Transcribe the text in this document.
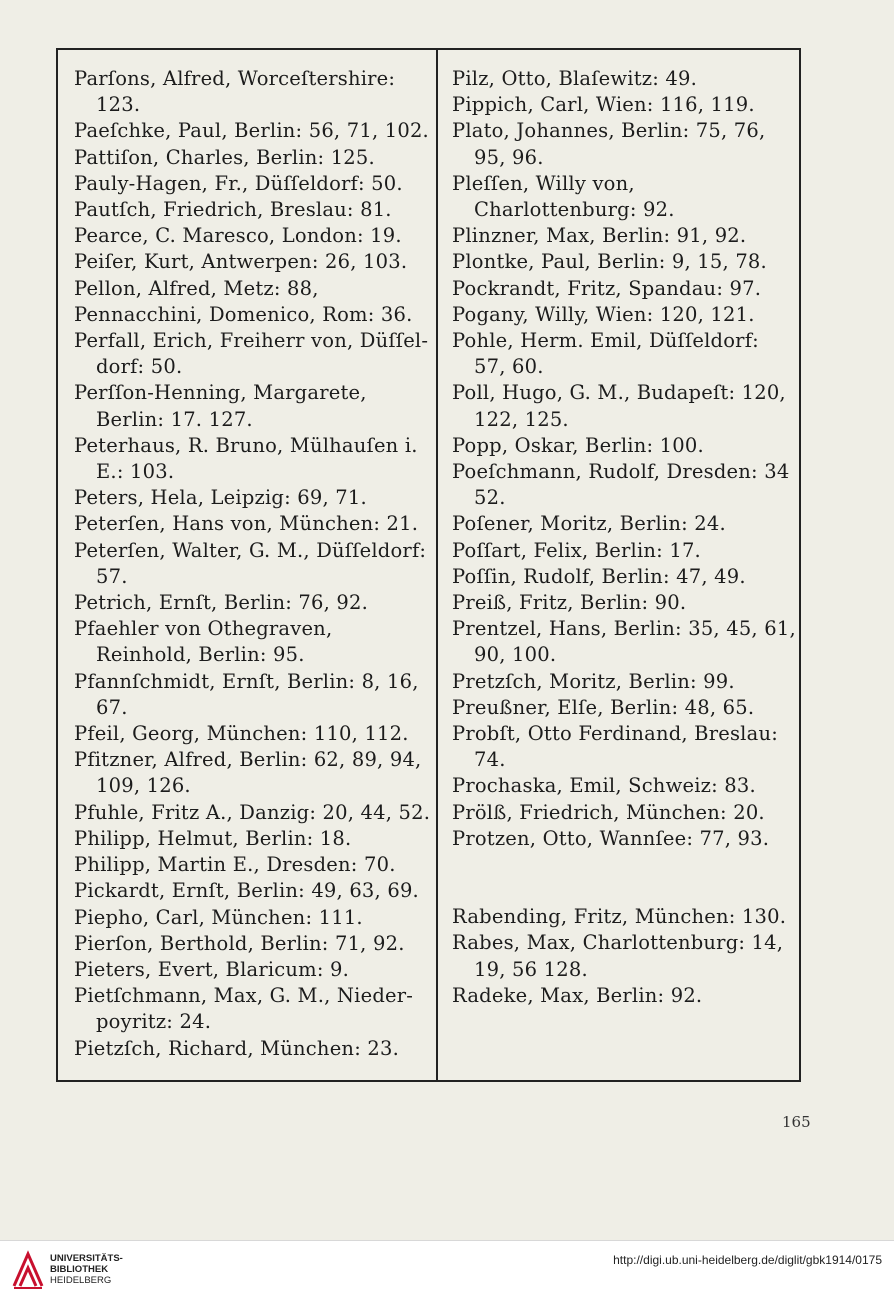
Parſons, Alfred, Worceſtershire: 123.

Paeſchke, Paul, Berlin: 56, 71, 102.

Pattiſon, Charles, Berlin: 125.

Pauly-Hagen, Fr., Düſſeldorf: 50.

Pautſch, Friedrich, Breslau: 81.

Pearce, C. Maresco, London: 19.

Peiſer, Kurt, Antwerpen: 26, 103.

Pellon, Alfred, Metz: 88,

Pennacchini, Domenico, Rom: 36.

Perfall, Erich, Freiherr von, Düſſel-dorf: 50.

Perſſon-Henning, Margarete, Berlin: 17. 127.

Peterhaus, R. Bruno, Mülhauſen i. E.: 103.

Peters, Hela, Leipzig: 69, 71.

Peterſen, Hans von, München: 21.

Peterſen, Walter, G. M., Düſſeldorf: 57.

Petrich, Ernſt, Berlin: 76, 92.

Pfaehler von Othegraven, Reinhold, Berlin: 95.

Pfannſchmidt, Ernſt, Berlin: 8, 16, 67.

Pfeil, Georg, München: 110, 112.

Pfitzner, Alfred, Berlin: 62, 89, 94, 109, 126.

Pfuhle, Fritz A., Danzig: 20, 44, 52.

Philipp, Helmut, Berlin: 18.

Philipp, Martin E., Dresden: 70.

Pickardt, Ernſt, Berlin: 49, 63, 69.

Piepho, Carl, München: 111.

Pierſon, Berthold, Berlin: 71, 92.

Pieters, Evert, Blaricum: 9.

Pietſchmann, Max, G. M., Nieder-poyritz: 24.

Pietzſch, Richard, München: 23.

Pilz, Otto, Blaſewitz: 49.

Pippich, Carl, Wien: 116, 119.

Plato, Johannes, Berlin: 75, 76, 95, 96.

Pleſſen, Willy von, Charlottenburg: 92.

Plinzner, Max, Berlin: 91, 92.

Plontke, Paul, Berlin: 9, 15, 78.

Pockrandt, Fritz, Spandau: 97.

Pogany, Willy, Wien: 120, 121.

Pohle, Herm. Emil, Düſſeldorf: 57, 60.

Poll, Hugo, G. M., Budapeſt: 120, 122, 125.

Popp, Oskar, Berlin: 100.

Poeſchmann, Rudolf, Dresden: 34 52.

Poſener, Moritz, Berlin: 24.

Poſſart, Felix, Berlin: 17.

Poſſin, Rudolf, Berlin: 47, 49.

Preiß, Fritz, Berlin: 90.

Prentzel, Hans, Berlin: 35, 45, 61, 90, 100.

Pretzſch, Moritz, Berlin: 99.

Preußner, Elſe, Berlin: 48, 65.

Probſt, Otto Ferdinand, Breslau: 74.

Prochaska, Emil, Schweiz: 83.

Prölß, Friedrich, München: 20.

Protzen, Otto, Wannſee: 77, 93.

Rabending, Fritz, München: 130.

Rabes, Max, Charlottenburg: 14, 19, 56 128.

Radeke, Max, Berlin: 92.

165
UNIVERSITÄTS-
BIBLIOTHEK
HEIDELBERG
http://digi.ub.uni-heidelberg.de/diglit/gbk1914/0175
